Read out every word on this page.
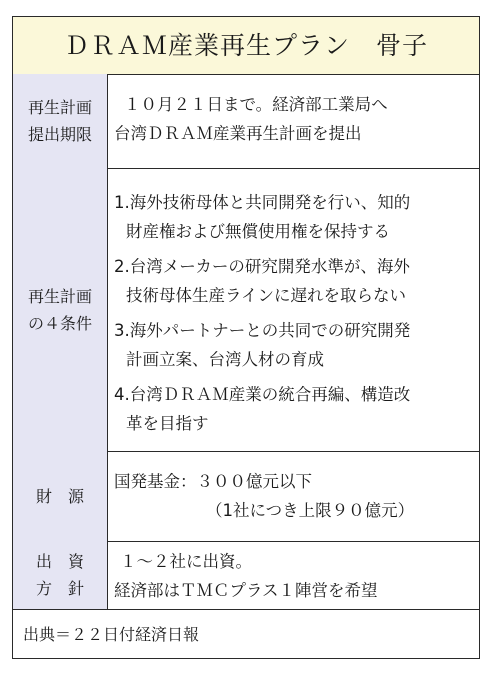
ＤＲＡＭ産業再生プラン　骨子
再生計画
提出期限
１０月２１日まで。経済部工業局へ
台湾ＤＲＡＭ産業再生計画を提出
再生計画
の４条件
1.海外技術母体と共同開発を行い、知的
財産権および無償使用権を保持する
2.台湾メーカーの研究開発水準が、海外
技術母体生産ラインに遅れを取らない
3.海外パートナーとの共同での研究開発
計画立案、台湾人材の育成
4.台湾ＤＲＡＭ産業の統合再編、構造改
革を目指す
財　源
国発基金：３００億元以下
（1社につき上限９０億元）
出　資
方　針
１～２社に出資。
経済部はＴＭＣプラス１陣営を希望
出典＝２２日付経済日報
